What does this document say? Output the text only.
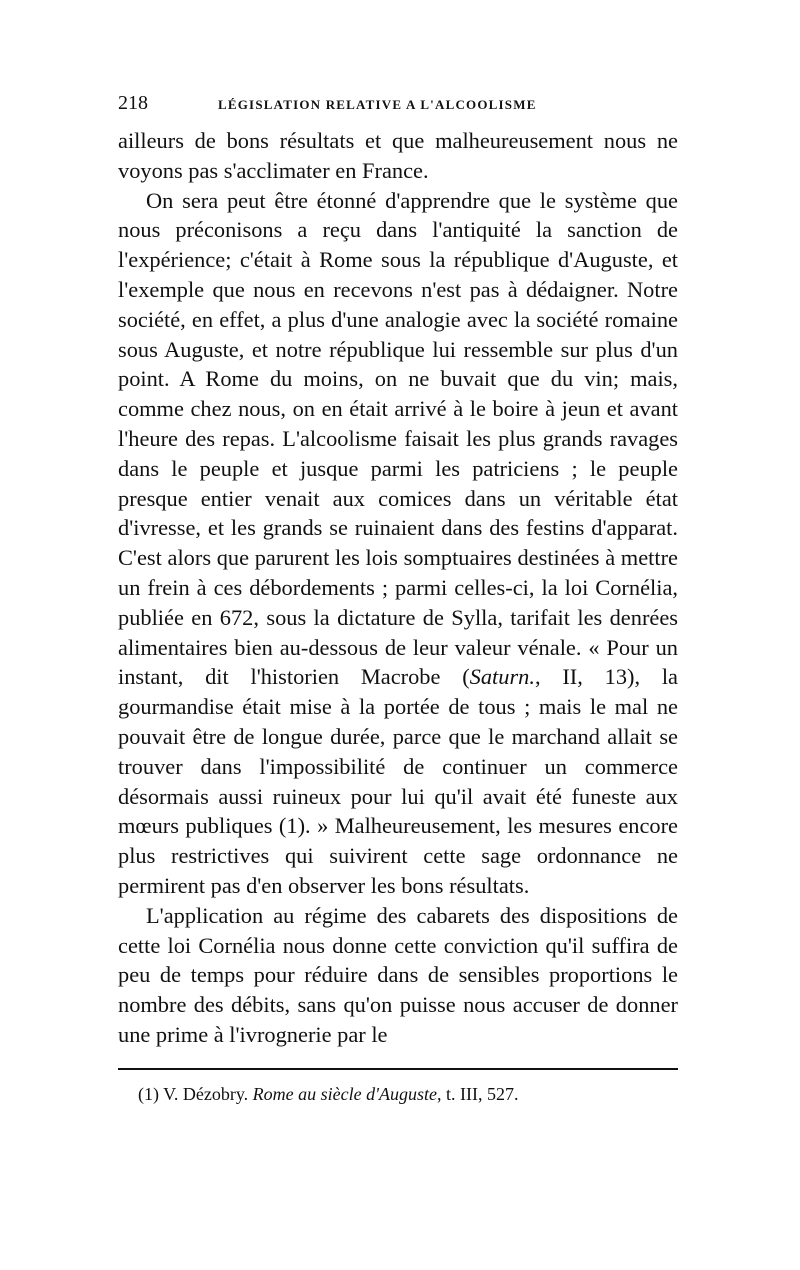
218	LÉGISLATION RELATIVE A L'ALCOOLISME

ailleurs de bons résultats et que malheureusement nous ne voyons pas s'acclimater en France.

On sera peut être étonné d'apprendre que le système que nous préconisons a reçu dans l'antiquité la sanction de l'expérience; c'était à Rome sous la république d'Auguste, et l'exemple que nous en recevons n'est pas à dédaigner. Notre société, en effet, a plus d'une analogie avec la société romaine sous Auguste, et notre république lui ressemble sur plus d'un point. A Rome du moins, on ne buvait que du vin; mais, comme chez nous, on en était arrivé à le boire à jeun et avant l'heure des repas. L'alcoolisme faisait les plus grands ravages dans le peuple et jusque parmi les patriciens ; le peuple presque entier venait aux comices dans un véritable état d'ivresse, et les grands se ruinaient dans des festins d'apparat. C'est alors que parurent les lois somptuaires destinées à mettre un frein à ces débordements ; parmi celles-ci, la loi Cornélia, publiée en 672, sous la dictature de Sylla, tarifait les denrées alimentaires bien au-dessous de leur valeur vénale. « Pour un instant, dit l'historien Macrobe (Saturn., II, 13), la gourmandise était mise à la portée de tous ; mais le mal ne pouvait être de longue durée, parce que le marchand allait se trouver dans l'impossibilité de continuer un commerce désormais aussi ruineux pour lui qu'il avait été funeste aux mœurs publiques (1). » Malheureusement, les mesures encore plus restrictives qui suivirent cette sage ordonnance ne permirent pas d'en observer les bons résultats.

L'application au régime des cabarets des dispositions de cette loi Cornélia nous donne cette conviction qu'il suffira de peu de temps pour réduire dans de sensibles proportions le nombre des débits, sans qu'on puisse nous accuser de donner une prime à l'ivrognerie par le

(1) V. Dézobry. Rome au siècle d'Auguste, t. III, 527.
